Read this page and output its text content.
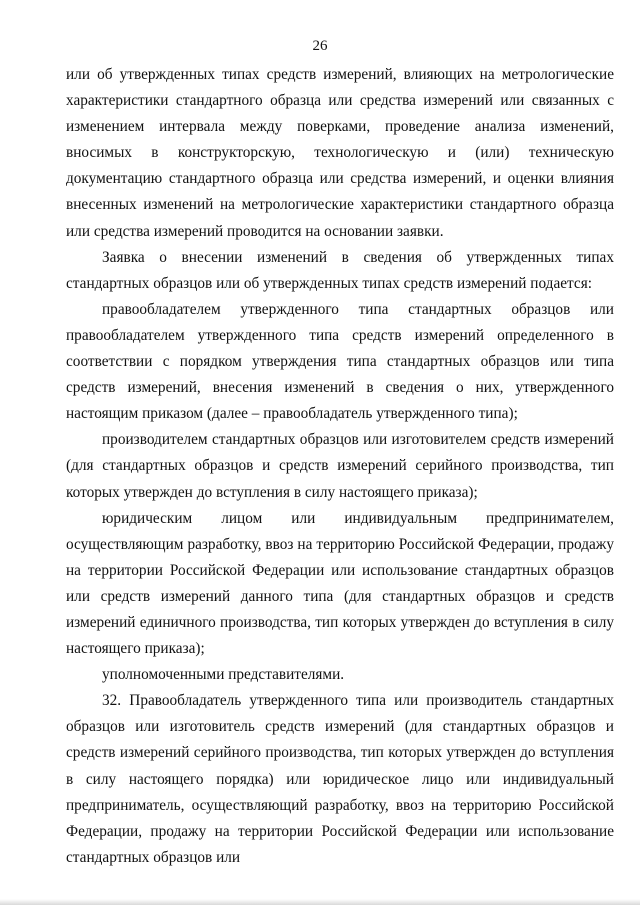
26

или об утвержденных типах средств измерений, влияющих на метрологические характеристики стандартного образца или средства измерений или связанных с изменением интервала между поверками, проведение анализа изменений, вносимых в конструкторскую, технологическую и (или) техническую документацию стандартного образца или средства измерений, и оценки влияния внесенных изменений на метрологические характеристики стандартного образца или средства измерений проводится на основании заявки.

Заявка о внесении изменений в сведения об утвержденных типах стандартных образцов или об утвержденных типах средств измерений подается:

правообладателем утвержденного типа стандартных образцов или правообладателем утвержденного типа средств измерений определенного в соответствии с порядком утверждения типа стандартных образцов или типа средств измерений, внесения изменений в сведения о них, утвержденного настоящим приказом (далее – правообладатель утвержденного типа);

производителем стандартных образцов или изготовителем средств измерений (для стандартных образцов и средств измерений серийного производства, тип которых утвержден до вступления в силу настоящего приказа);

юридическим лицом или индивидуальным предпринимателем, осуществляющим разработку, ввоз на территорию Российской Федерации, продажу на территории Российской Федерации или использование стандартных образцов или средств измерений данного типа (для стандартных образцов и средств измерений единичного производства, тип которых утвержден до вступления в силу настоящего приказа);

уполномоченными представителями.

32. Правообладатель утвержденного типа или производитель стандартных образцов или изготовитель средств измерений (для стандартных образцов и средств измерений серийного производства, тип которых утвержден до вступления в силу настоящего порядка) или юридическое лицо или индивидуальный предприниматель, осуществляющий разработку, ввоз на территорию Российской Федерации, продажу на территории Российской Федерации или использование стандартных образцов или
